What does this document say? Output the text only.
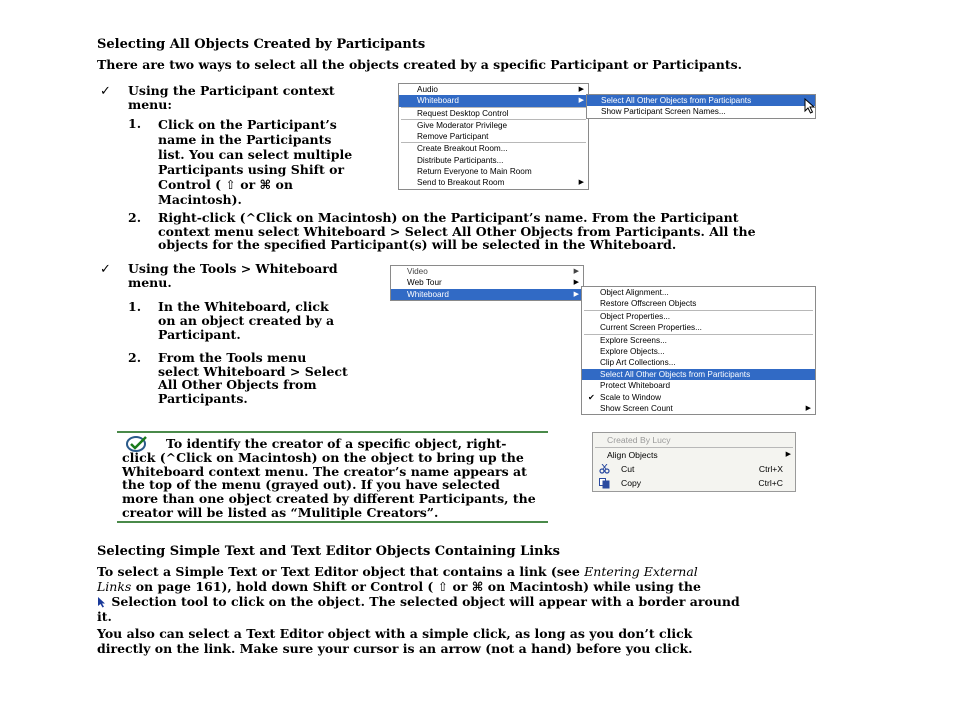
Selecting All Objects Created by Participants
There are two ways to select all the objects created by a specific Participant or Participants.
✓ Using the Participant context menu:
1. Click on the Participant’s
name in the Participants
list. You can select multiple
Participants using Shift or
Control ( ⇧ or ⌘ on
Macintosh).
2. Right-click (^Click on Macintosh) on the Participant’s name. From the Participant
context menu select Whiteboard > Select All Other Objects from Participants. All the
objects for the specified Participant(s) will be selected in the Whiteboard.
✓ Using the Tools > Whiteboard
menu.
1. In the Whiteboard, click
on an object created by a
Participant.
2. From the Tools menu
select Whiteboard > Select
All Other Objects from
Participants.
Audio	▶
Whiteboard	▶
Request Desktop Control
Give Moderator Privilege
Remove Participant
Create Breakout Room...
Distribute Participants...
Return Everyone to Main Room
Send to Breakout Room	▶
Select All Other Objects from Participants
Show Participant Screen Names...
Video	▶
Web Tour	▶
Whiteboard	▶	Object Alignment...
Restore Offscreen Objects
Object Properties...
Current Screen Properties...
Explore Screens...
Explore Objects...
Clip Art Collections...
Select All Other Objects from Participants
Protect Whiteboard
✔ Scale to Window
Show Screen Count	▶
To identify the creator of a specific object, right-
click (^Click on Macintosh) on the object to bring up the
Whiteboard context menu. The creator’s name appears at
the top of the menu (grayed out). If you have selected
more than one object created by different Participants, the
creator will be listed as “Mulitiple Creators”.
Created By Lucy
Align Objects	▶
Cut	Ctrl+X
Copy	Ctrl+C
Selecting Simple Text and Text Editor Objects Containing Links
To select a Simple Text or Text Editor object that contains a link (see Entering External
Links on page 161), hold down Shift or Control ( ⇧ or ⌘ on Macintosh) while using the
Selection tool to click on the object. The selected object will appear with a border around
it.
You also can select a Text Editor object with a simple click, as long as you don’t click
directly on the link. Make sure your cursor is an arrow (not a hand) before you click.
